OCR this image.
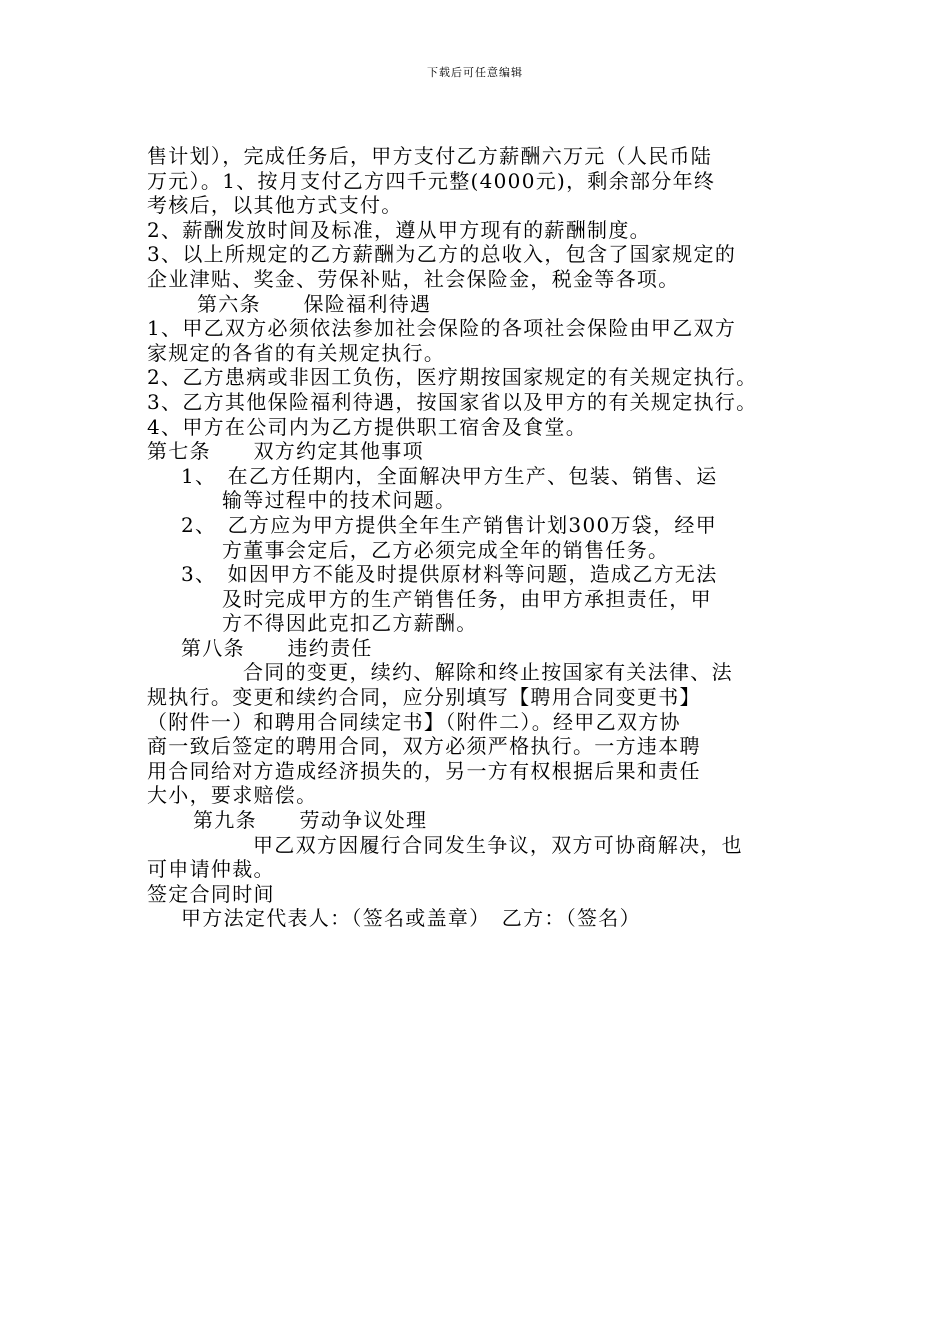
下载后可任意编辑
售计划），完成任务后，甲方支付乙方薪酬六万元（人民币陆
万元）。1、按月支付乙方四千元整(4000元)，剩余部分年终
考核后，以其他方式支付。
2、薪酬发放时间及标准，遵从甲方现有的薪酬制度。
3、以上所规定的乙方薪酬为乙方的总收入，包含了国家规定的
企业津贴、奖金、劳保补贴，社会保险金，税金等各项。
第六条　　保险福利待遇
1、甲乙双方必须依法参加社会保险的各项社会保险由甲乙双方
家规定的各省的有关规定执行。
2、乙方患病或非因工负伤，医疗期按国家规定的有关规定执行。
3、乙方其他保险福利待遇，按国家省以及甲方的有关规定执行。
4、甲方在公司内为乙方提供职工宿舍及食堂。
第七条　　双方约定其他事项
1、　在乙方任期内，全面解决甲方生产、包装、销售、运
输等过程中的技术问题。
2、　乙方应为甲方提供全年生产销售计划300万袋，经甲
方董事会定后，乙方必须完成全年的销售任务。
3、　如因甲方不能及时提供原材料等问题，造成乙方无法
及时完成甲方的生产销售任务，由甲方承担责任，甲
方不得因此克扣乙方薪酬。
第八条　　违约责任
合同的变更，续约、解除和终止按国家有关法律、法
规执行。变更和续约合同，应分别填写【聘用合同变更书】
（附件一）和聘用合同续定书】（附件二）。经甲乙双方协
商一致后签定的聘用合同，双方必须严格执行。一方违本聘
用合同给对方造成经济损失的，另一方有权根据后果和责任
大小，要求赔偿。
第九条　　劳动争议处理
甲乙双方因履行合同发生争议，双方可协商解决，也
可申请仲裁。
签定合同时间
甲方法定代表人：（签名或盖章）　乙方：（签名）
